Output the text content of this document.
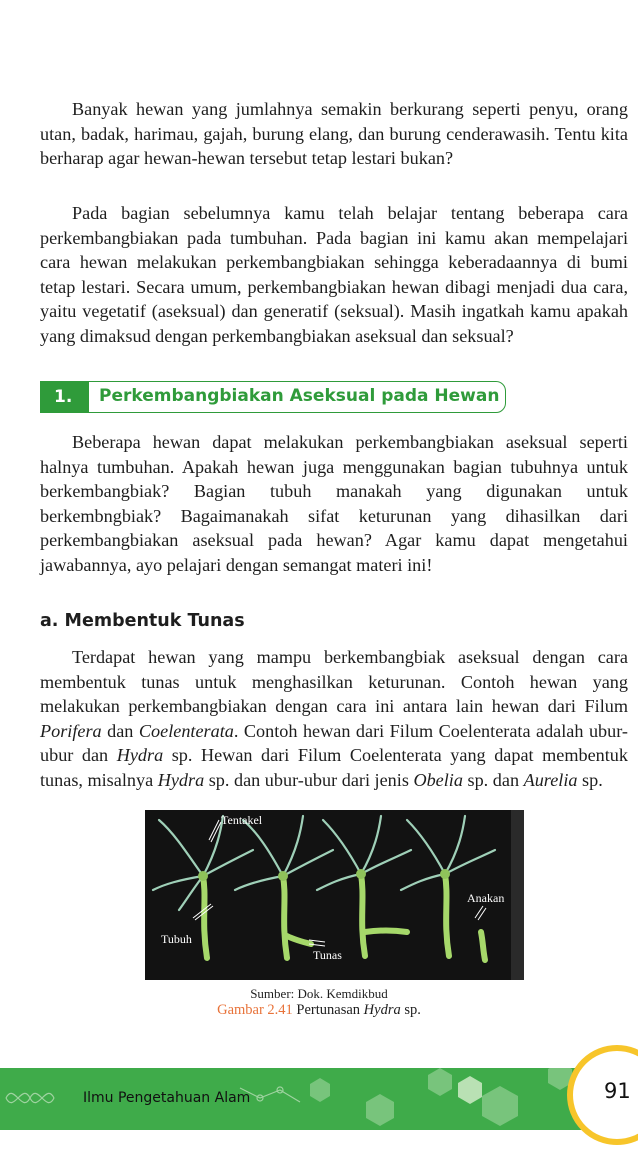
Banyak hewan yang jumlahnya semakin berkurang seperti penyu, orang utan, badak, harimau, gajah, burung elang, dan burung cenderawasih. Tentu kita berharap agar hewan-hewan tersebut tetap lestari bukan?

Pada bagian sebelumnya kamu telah belajar tentang beberapa cara perkembangbiakan pada tumbuhan. Pada bagian ini kamu akan mempelajari cara hewan melakukan perkembangbiakan sehingga keberadaannya di bumi tetap lestari. Secara umum, perkembangbiakan hewan dibagi menjadi dua cara, yaitu vegetatif (aseksual) dan generatif (seksual). Masih ingatkah kamu apakah yang dimaksud dengan perkembangbiakan aseksual dan seksual?

1.	Perkembangbiakan Aseksual pada Hewan

Beberapa hewan dapat melakukan perkembangbiakan aseksual seperti halnya tumbuhan. Apakah hewan juga menggunakan bagian tubuhnya untuk berkembangbiak? Bagian tubuh manakah yang digunakan untuk berkembngbiak? Bagaimanakah sifat keturunan yang dihasilkan dari perkembangbiakan aseksual pada hewan? Agar kamu dapat mengetahui jawabannya, ayo pelajari dengan semangat materi ini!

a. Membentuk Tunas

Terdapat hewan yang mampu berkembangbiak aseksual dengan cara membentuk tunas untuk menghasilkan keturunan. Contoh hewan yang melakukan perkembangbiakan dengan cara ini antara lain hewan dari Filum Porifera dan Coelenterata. Contoh hewan dari Filum Coelenterata adalah ubur-ubur dan Hydra sp. Hewan dari Filum Coelenterata yang dapat membentuk tunas, misalnya Hydra sp. dan ubur-ubur dari jenis Obelia sp. dan Aurelia sp.

Tentakel
Tubuh
Tunas
Anakan
Sumber: Dok. Kemdikbud
Gambar 2.41 Pertunasan Hydra sp.
Ilmu Pengetahuan Alam	91
